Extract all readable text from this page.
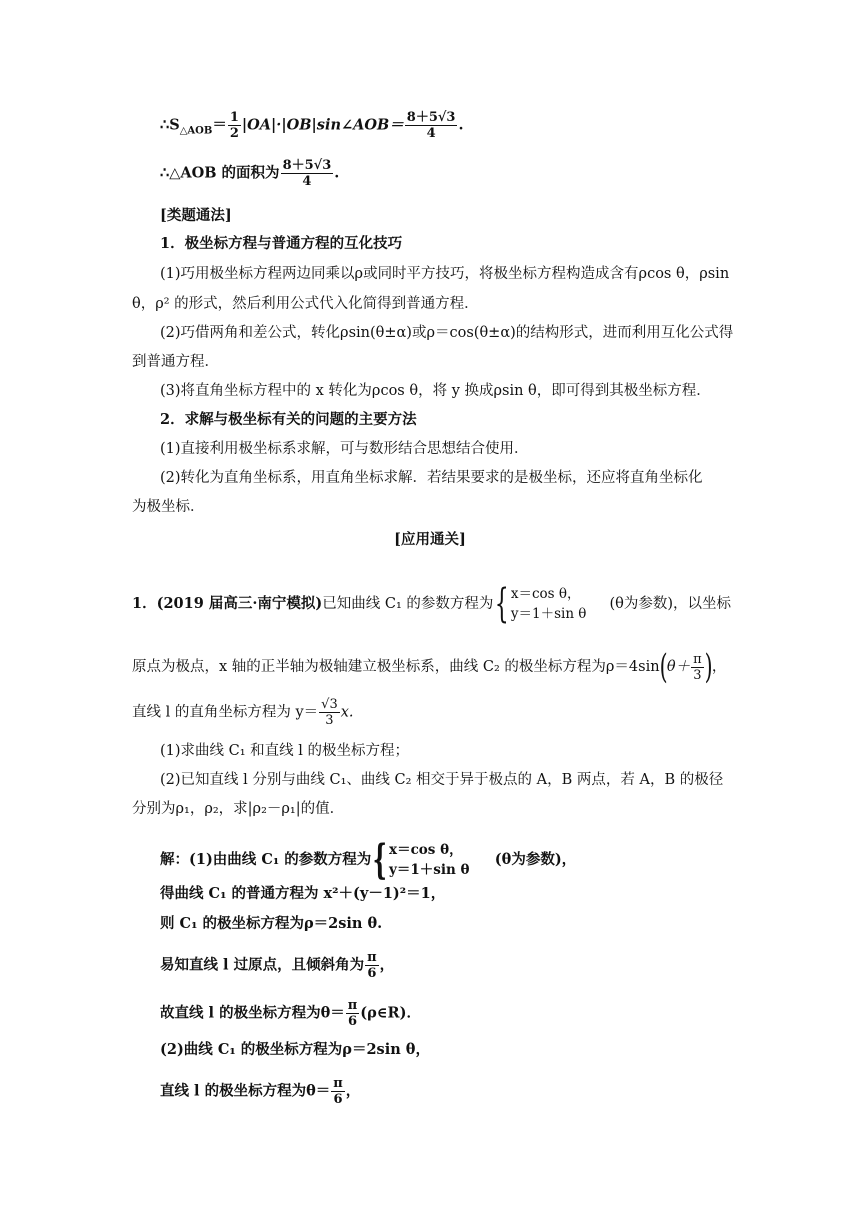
$\therefore S_{\triangle AOB}= \frac{1}{2}$ |OA|·|OB|sin∠AOB＝ $\frac{8+5√3}{4}$ .
∴△AOB 的面积为 $\frac{8+5√3}{4}$ .
[类题通法]
1．极坐标方程与普通方程的互化技巧
(1)巧用极坐标方程两边同乘以ρ或同时平方技巧，将极坐标方程构造成含有ρcos θ，ρsin
θ，ρ² 的形式，然后利用公式代入化简得到普通方程．
(2)巧借两角和差公式，转化ρsin(θ±α)或ρ＝cos(θ±α)的结构形式，进而利用互化公式得
到普通方程．
(3)将直角坐标方程中的 x 转化为ρcos θ，将 y 换成ρsin θ，即可得到其极坐标方程．
2．求解与极坐标有关的问题的主要方法
(1)直接利用极坐标系求解，可与数形结合思想结合使用．
(2)转化为直角坐标系，用直角坐标求解．若结果要求的是极坐标，还应将直角坐标化
为极坐标．
[应用通关]
1．(2019 届高三·南宁模拟)已知曲线 C₁ 的参数方程为{ x＝cos θ，
y＝1＋sin θ
(θ为参数)，以坐标
原点为极点，x 轴的正半轴为极轴建立极坐标系，曲线 C₂ 的极坐标方程为$\rho=4\sin(\theta+ \frac{\pi}{3}$ )，
直线 l 的直角坐标方程为 $y= \frac{√3}{3} x$.
(1)求曲线 C₁ 和直线 l 的极坐标方程；
(2)已知直线 l 分别与曲线 C₁、曲线 C₂ 相交于异于极点的 A，B 两点，若 A，B 的极径
分别为ρ₁，ρ₂，求|ρ₂－ρ₁|的值．
解：(1)由曲线 C₁ 的参数方程为{ x＝cos θ，
y＝1＋sin θ
(θ为参数)，
得曲线 C₁ 的普通方程为 x²＋(y－1)²＝1，
则 C₁ 的极坐标方程为ρ＝2sin θ.
易知直线 l 过原点，且倾斜角为 $\frac{\pi}{6}$ ，
故直线 l 的极坐标方程为$\theta= \frac{\pi}{6}$ (ρ∈R)．
(2)曲线 C₁ 的极坐标方程为ρ＝2sin θ，
直线 l 的极坐标方程为$\theta= \frac{\pi}{6}$ ，
